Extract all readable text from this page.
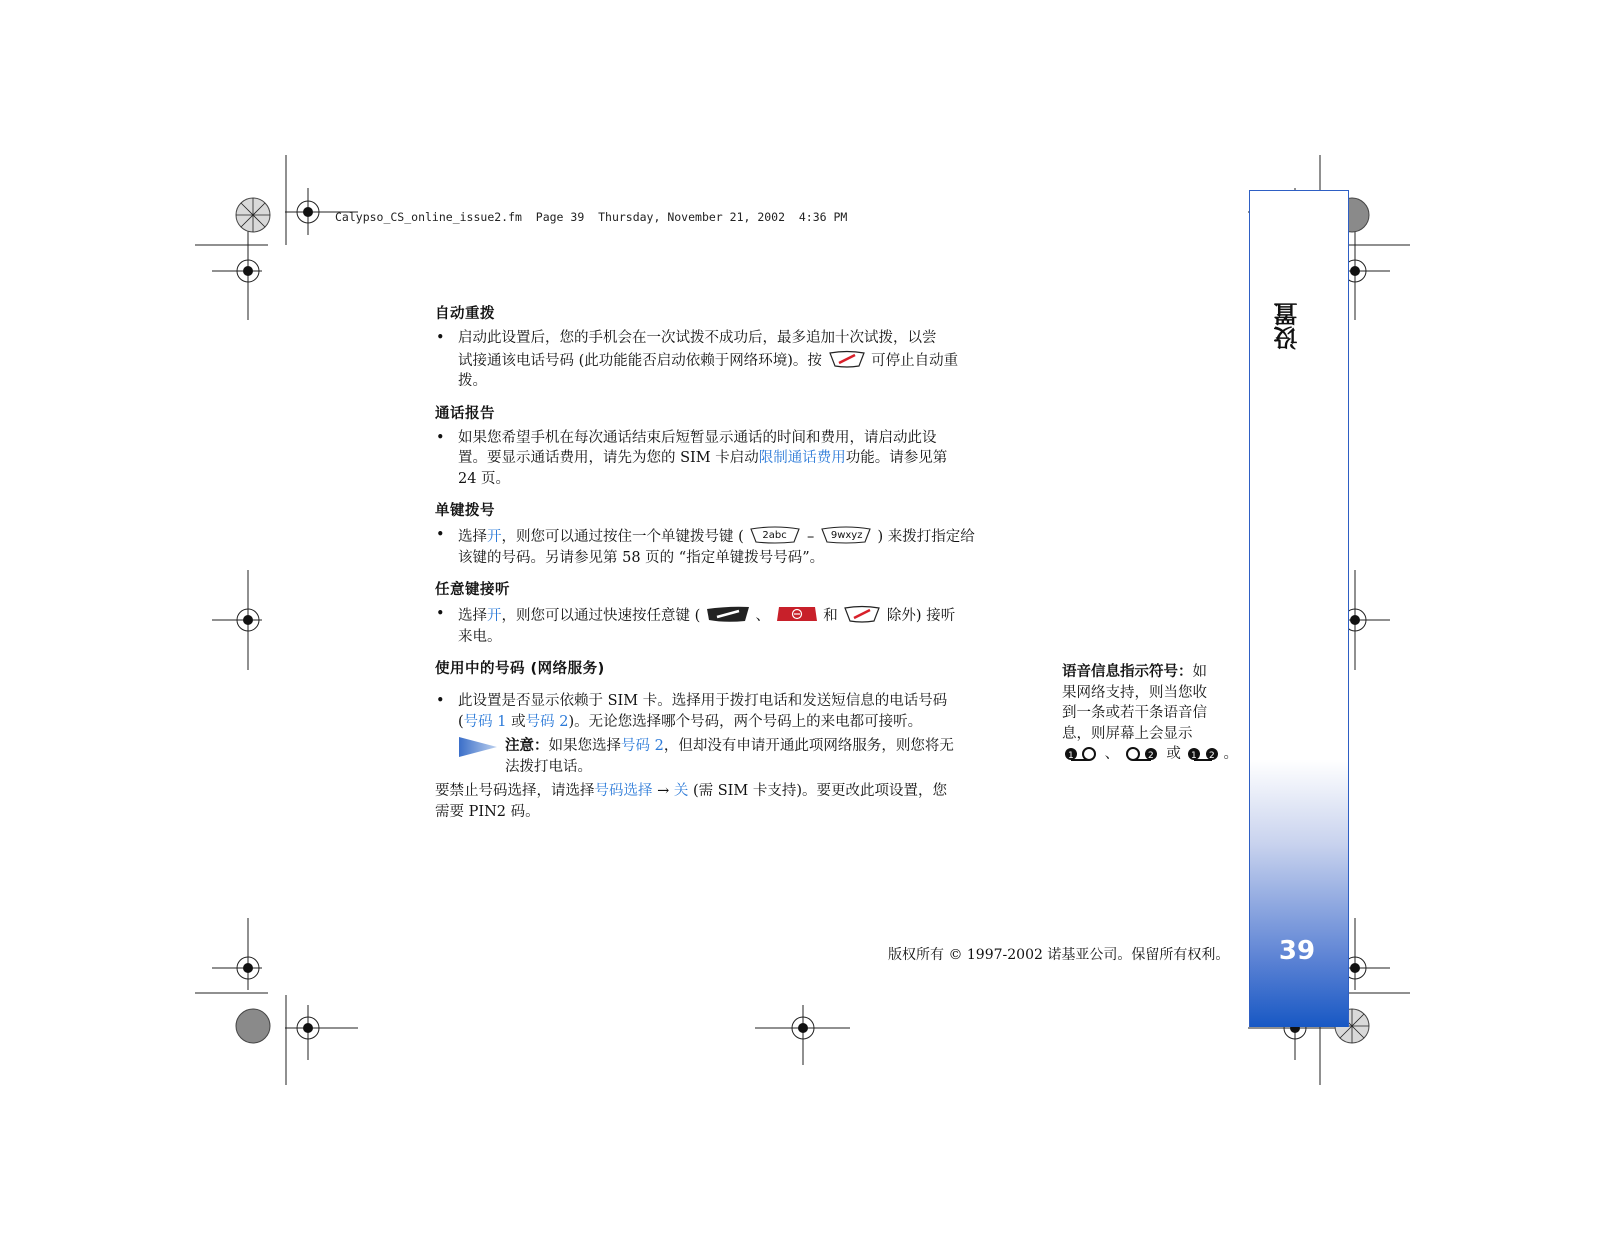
Calypso_CS_online_issue2.fm  Page 39  Thursday, November 21, 2002  4:36 PM
设置
39
自动重拨
• 启动此设置后，您的手机会在一次试拨不成功后，最多追加十次试拨，以尝
试接通该电话号码 (此功能能否启动依赖于网络环境)。按	可停止自动重
拨。
通话报告
• 如果您希望手机在每次通话结束后短暂显示通话的时间和费用，请启动此设
置。要显示通话费用，请先为您的 SIM 卡启动限制通话费用功能。请参见第
24 页。
单键拨号
• 选择开，则您可以通过按住一个单键拨号键 ( 2abc – 9wxyz ) 来拨打指定给
该键的号码。另请参见第 58 页的 “指定单键拨号号码”。
任意键接听
• 选择开，则您可以通过快速按任意键 (	、	和	除外) 接听
来电。
使用中的号码 (网络服务)
• 此设置是否显示依赖于 SIM 卡。选择用于拨打电话和发送短信息的电话号码
(号码 1 或号码 2)。无论您选择哪个号码，两个号码上的来电都可接听。
注意：如果您选择号码 2，但却没有申请开通此项网络服务，则您将无
法拨打电话。
要禁止号码选择，请选择号码选择 → 关 (需 SIM 卡支持)。要更改此项设置，您
需要 PIN2 码。
语音信息指示符号：如
果网络支持，则当您收
到一条或若干条语音信
息，则屏幕上会显示
1 、	2 或 1 2 。
版权所有 © 1997-2002 诺基亚公司。保留所有权利。
